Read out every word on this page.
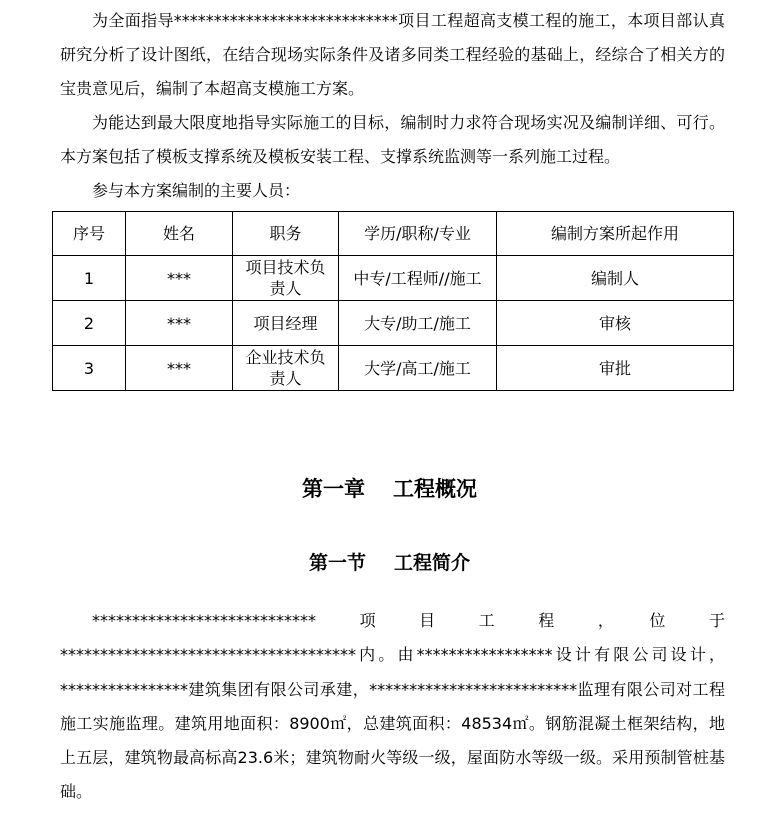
为全面指导****************************项目工程超高支模工程的施工，本项目部认真研究分析了设计图纸，在结合现场实际条件及诸多同类工程经验的基础上，经综合了相关方的宝贵意见后，编制了本超高支模施工方案。

为能达到最大限度地指导实际施工的目标，编制时力求符合现场实况及编制详细、可行。本方案包括了模板支撑系统及模板安装工程、支撑系统监测等一系列施工过程。

参与本方案编制的主要人员：

序号	姓名	职务	学历/职称/专业	编制方案所起作用
1	***	项目技术负责人	中专/工程师//施工	编制人
2	***	项目经理	大专/助工/施工	审核
3	***	企业技术负责人	大学/高工/施工	审批
第一章 工程概况
第一节 工程简介

****************************　项　目　工　程　，　位　于*************************************内。由*****************设计有限公司设计，****************建筑集团有限公司承建，**************************监理有限公司对工程施工实施监理。建筑用地面积：8900㎡，总建筑面积：48534㎡。钢筋混凝土框架结构，地上五层，建筑物最高标高23.6米；建筑物耐火等级一级，屋面防水等级一级。采用预制管桩基础。
